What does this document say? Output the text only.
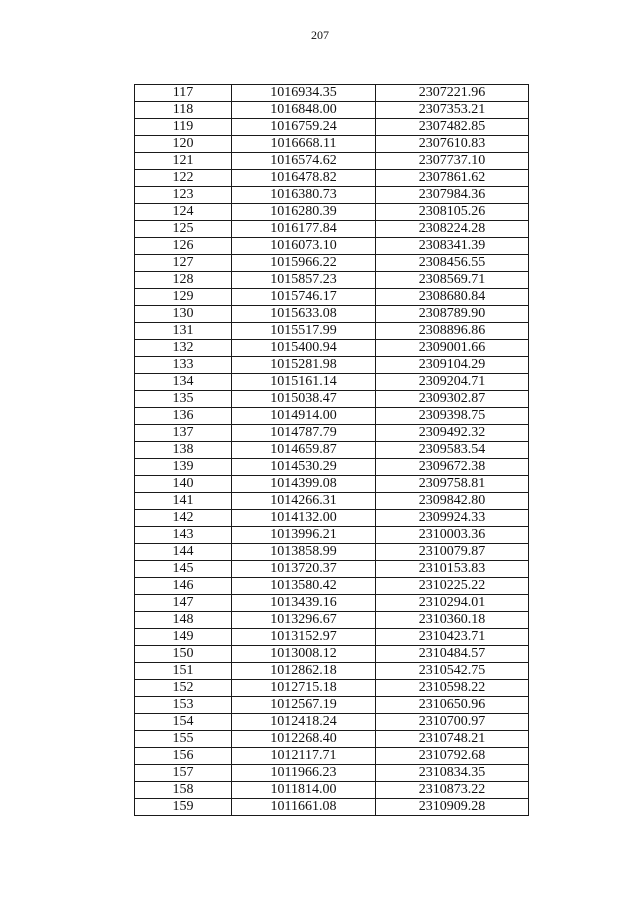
207
117	1016934.35	2307221.96
118	1016848.00	2307353.21
119	1016759.24	2307482.85
120	1016668.11	2307610.83
121	1016574.62	2307737.10
122	1016478.82	2307861.62
123	1016380.73	2307984.36
124	1016280.39	2308105.26
125	1016177.84	2308224.28
126	1016073.10	2308341.39
127	1015966.22	2308456.55
128	1015857.23	2308569.71
129	1015746.17	2308680.84
130	1015633.08	2308789.90
131	1015517.99	2308896.86
132	1015400.94	2309001.66
133	1015281.98	2309104.29
134	1015161.14	2309204.71
135	1015038.47	2309302.87
136	1014914.00	2309398.75
137	1014787.79	2309492.32
138	1014659.87	2309583.54
139	1014530.29	2309672.38
140	1014399.08	2309758.81
141	1014266.31	2309842.80
142	1014132.00	2309924.33
143	1013996.21	2310003.36
144	1013858.99	2310079.87
145	1013720.37	2310153.83
146	1013580.42	2310225.22
147	1013439.16	2310294.01
148	1013296.67	2310360.18
149	1013152.97	2310423.71
150	1013008.12	2310484.57
151	1012862.18	2310542.75
152	1012715.18	2310598.22
153	1012567.19	2310650.96
154	1012418.24	2310700.97
155	1012268.40	2310748.21
156	1012117.71	2310792.68
157	1011966.23	2310834.35
158	1011814.00	2310873.22
159	1011661.08	2310909.28
